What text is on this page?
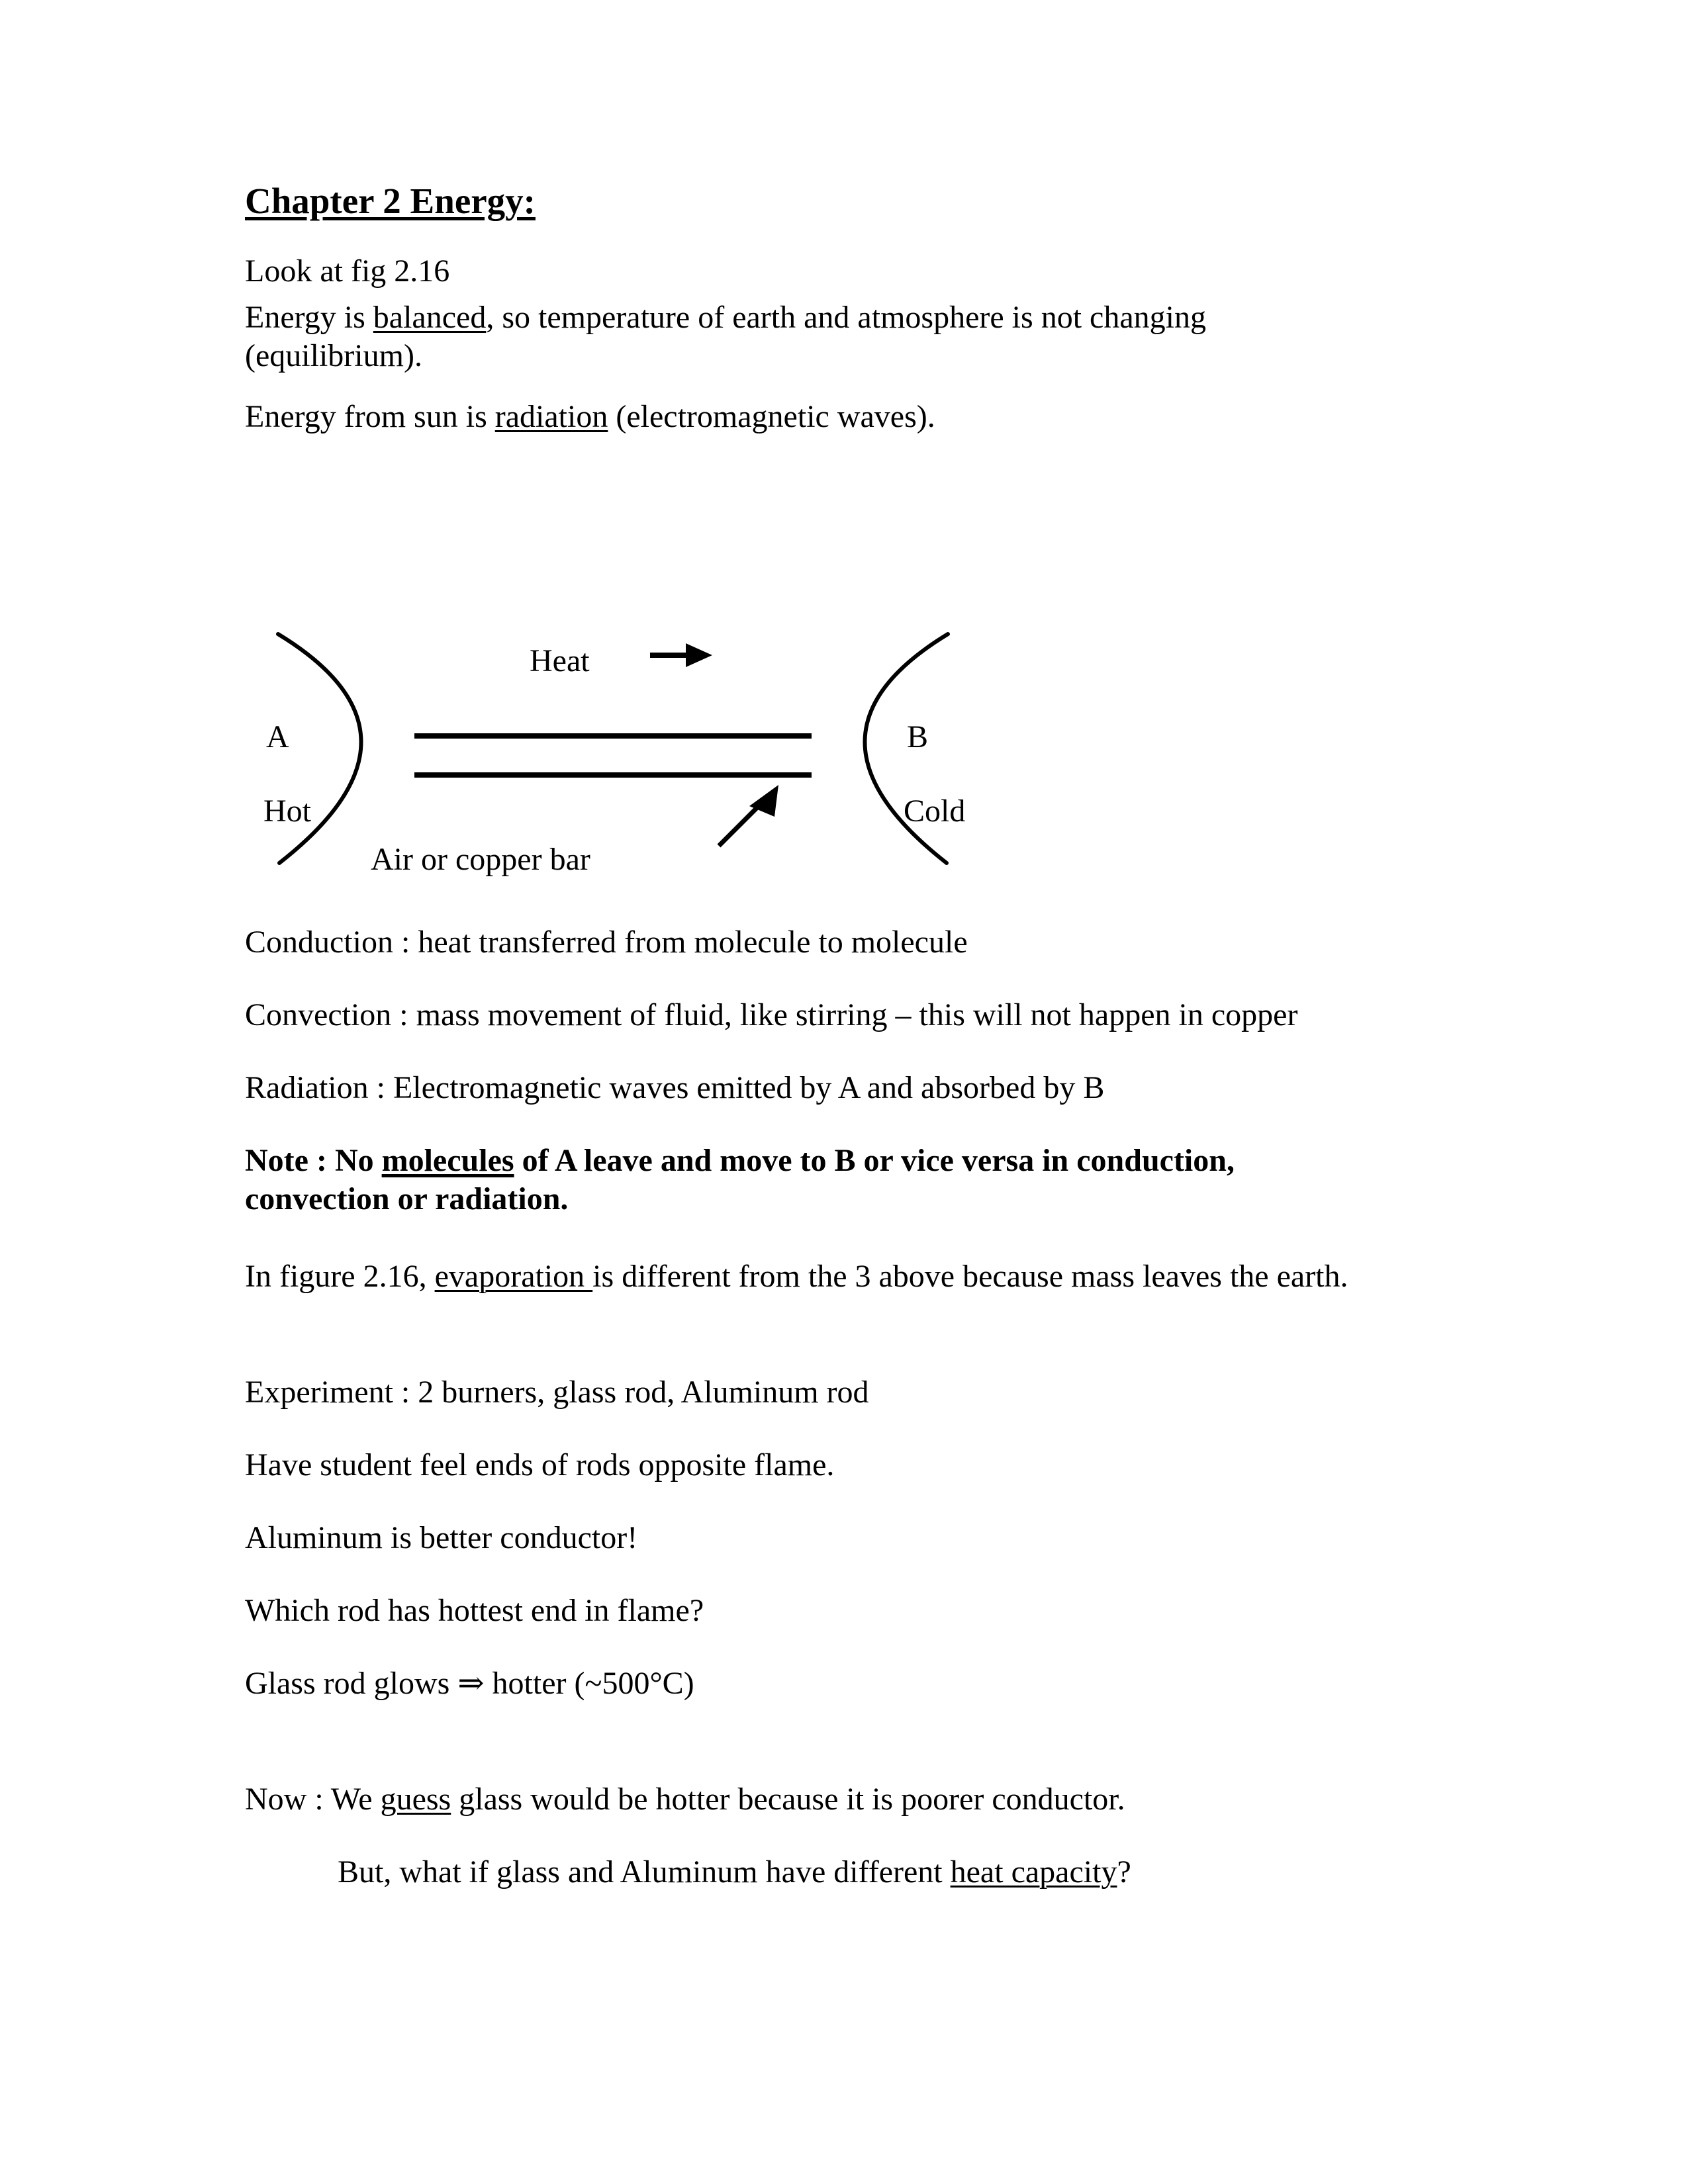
Chapter 2 Energy:

Look at fig 2.16

Energy is balanced, so temperature of earth and atmosphere is not changing (equilibrium).

Energy from sun is radiation (electromagnetic waves).

Heat
A
Hot
B
Cold
Air or copper bar

Conduction : heat transferred from molecule to molecule

Convection : mass movement of fluid, like stirring – this will not happen in copper

Radiation : Electromagnetic waves emitted by A and absorbed by B

Note : No molecules of A leave and move to B or vice versa in conduction, convection or radiation.

In figure 2.16, evaporation is different from the 3 above because mass leaves the earth.

Experiment : 2 burners, glass rod, Aluminum rod

Have student feel ends of rods opposite flame.

Aluminum is better conductor!

Which rod has hottest end in flame?

Glass rod glows ⇒ hotter (~500°C)

Now : We guess glass would be hotter because it is poorer conductor.

But, what if glass and Aluminum have different heat capacity?
